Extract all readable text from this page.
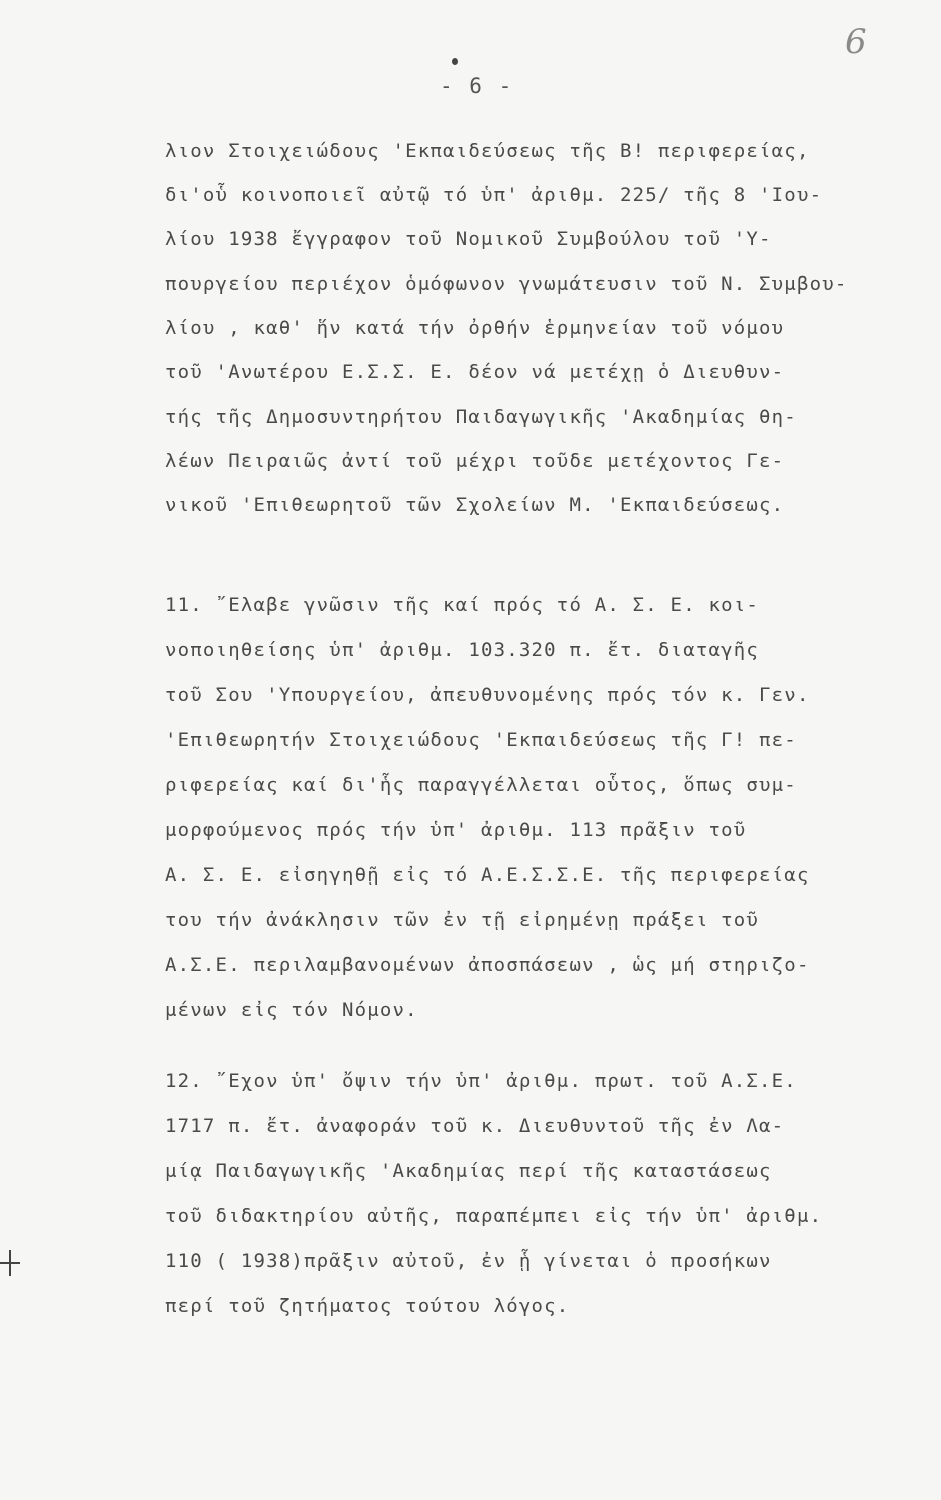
6
- 6 -
λιον Στοιχειώδους 'Εκπαιδεύσεως τῆς Β! περιφερείας,
δι'οὗ κοινοποιεῖ αὐτῷ τό ὑπ' ἀριθμ. 225/ τῆς 8 'Ιου-
λίου 1938 ἔγγραφον τοῦ Νομικοῦ Συμβούλου τοῦ 'Υ-
πουργείου περιέχον ὁμόφωνον γνωμάτευσιν τοῦ Ν. Συμβου-
λίου , καθ' ἥν κατά τήν ὀρθήν ἑρμηνείαν τοῦ νόμου
τοῦ 'Ανωτέρου Ε.Σ.Σ. Ε. δέον νά μετέχῃ ὁ Διευθυν-
τής τῆς Δημοσυντηρήτου Παιδαγωγικῆς 'Ακαδημίας θη-
λέων Πειραιῶς ἀντί τοῦ μέχρι τοῦδε μετέχοντος Γε-
νικοῦ 'Επιθεωρητοῦ τῶν Σχολείων Μ. 'Εκπαιδεύσεως.
11. ῎Ελαβε γνῶσιν τῆς καί πρός τό Α. Σ. Ε. κοι-
νοποιηθείσης ὑπ' ἀριθμ. 103.320 π. ἔτ. διαταγῆς
τοῦ Σου 'Υπουργείου, ἀπευθυνομένης πρός τόν κ. Γεν.
'Επιθεωρητήν Στοιχειώδους 'Εκπαιδεύσεως τῆς Γ! πε-
ριφερείας καί δι'ἧς παραγγέλλεται οὗτος, ὅπως συμ-
μορφούμενος πρός τήν ὑπ' ἀριθμ. 113 πρᾶξιν τοῦ
Α. Σ. Ε. εἰσηγηθῇ εἰς τό Α.Ε.Σ.Σ.Ε. τῆς περιφερείας
του τήν ἀνάκλησιν τῶν ἐν τῇ εἰρημένῃ πράξει τοῦ
Α.Σ.Ε. περιλαμβανομένων ἀποσπάσεων , ὡς μή στηριζο-
μένων εἰς τόν Νόμον.
12. ῎Εχον ὑπ' ὄψιν τήν ὑπ' ἀριθμ. πρωτ. τοῦ Α.Σ.Ε.
1717 π. ἔτ. ἀναφοράν τοῦ κ. Διευθυντοῦ τῆς ἐν Λα-
μίᾳ Παιδαγωγικῆς 'Ακαδημίας περί τῆς καταστάσεως
τοῦ διδακτηρίου αὐτῆς, παραπέμπει εἰς τήν ὑπ' ἀριθμ.
110 ( 1938)πρᾶξιν αὐτοῦ, ἐν ᾗ γίνεται ὁ προσήκων
περί τοῦ ζητήματος τούτου λόγος.
